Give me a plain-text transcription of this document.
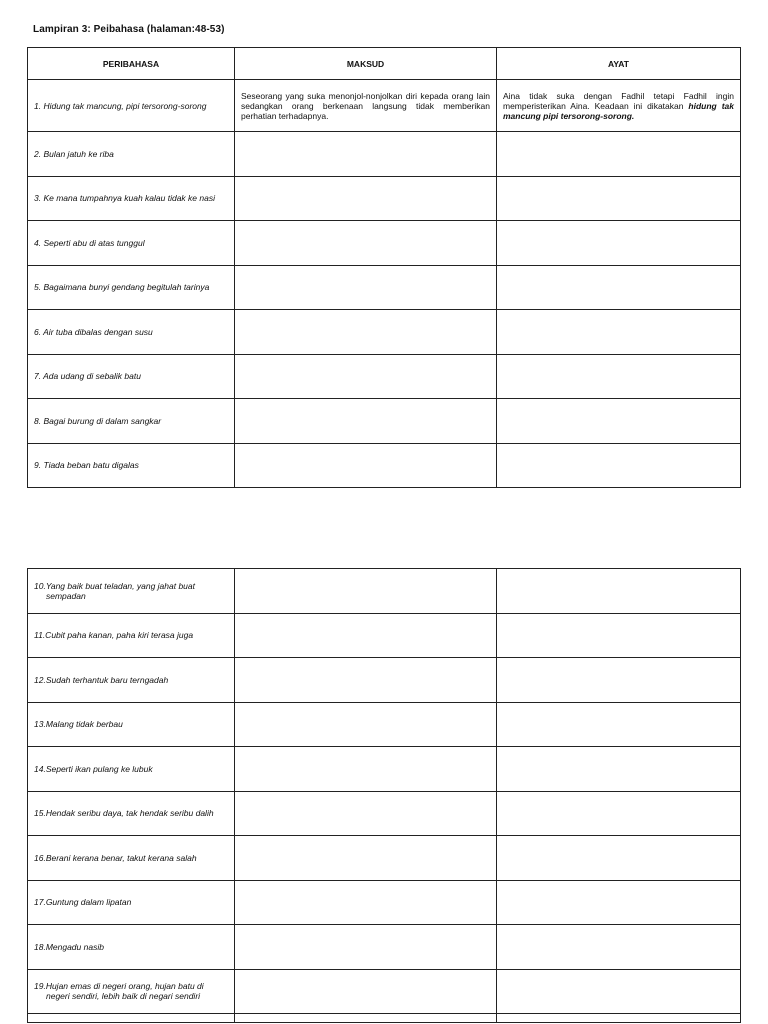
Lampiran 3: Peibahasa (halaman:48-53)
PERIBAHASA	MAKSUD	AYAT
1. Hidung tak mancung, pipi tersorong-sorong	Seseorang yang suka menonjol-nonjolkan diri kepada orang lain sedangkan orang berkenaan langsung tidak memberikan perhatian terhadapnya.	Aina tidak suka dengan Fadhil tetapi Fadhil ingin memperisterikan Aina. Keadaan ini dikatakan hidung tak mancung pipi tersorong-sorong.

2. Bulan jatuh ke riba		

3. Ke mana tumpahnya kuah kalau tidak ke nasi		

4. Seperti abu di atas tunggul		

5. Bagaimana bunyi gendang begitulah tarinya		

6. Air tuba dibalas dengan susu		

7. Ada udang di sebalik batu		

8. Bagai burung di dalam sangkar		

9. Tiada beban batu digalas		

10.Yang baik buat teladan, yang jahat buat sempadan		

11.Cubit paha kanan, paha kiri terasa juga		

12.Sudah terhantuk baru terngadah		

13.Malang tidak berbau		

14.Seperti ikan pulang ke lubuk		

15.Hendak seribu daya, tak hendak seribu dalih		

16.Berani kerana benar, takut kerana salah		

17.Guntung dalam lipatan		

18.Mengadu nasib		

19.Hujan emas di negeri orang, hujan batu di negeri sendiri, lebih baik di negari sendiri		
